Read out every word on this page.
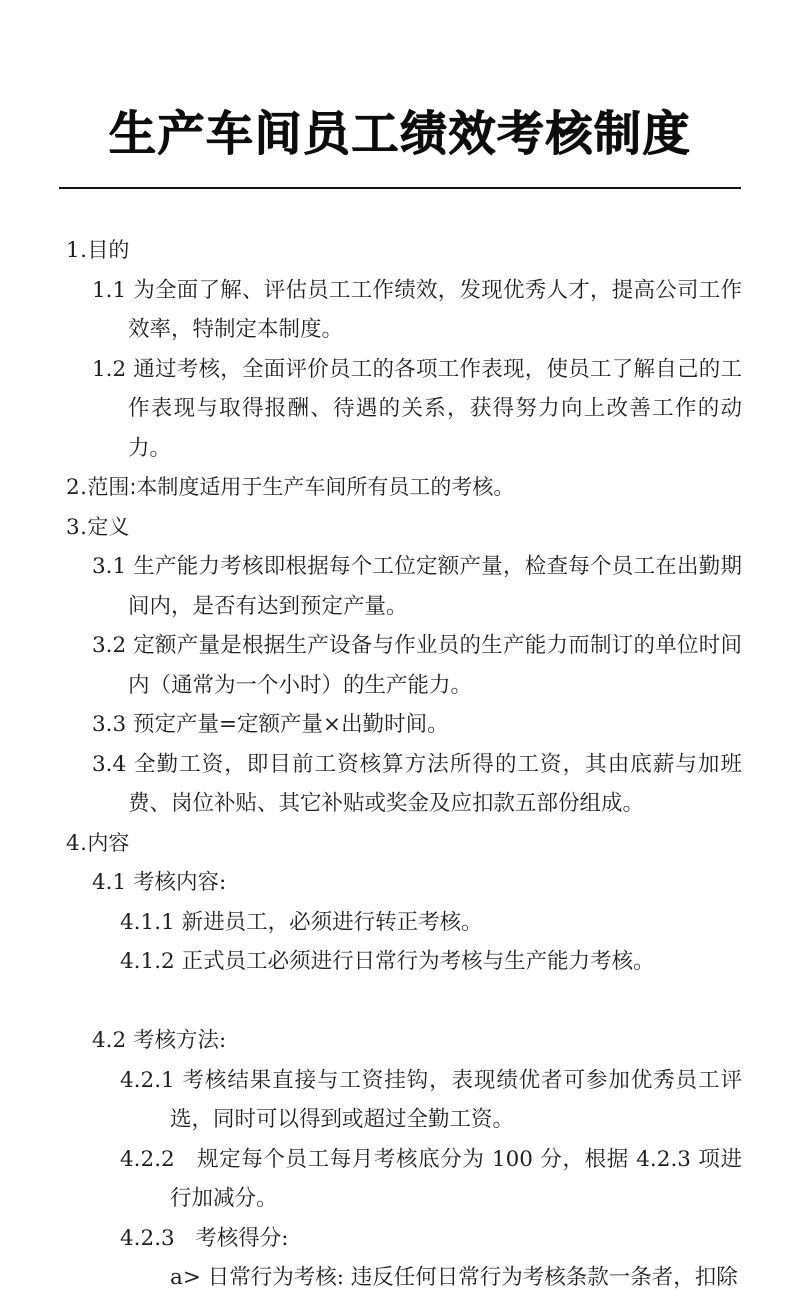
生产车间员工绩效考核制度
1.目的
1.1 为全面了解、评估员工工作绩效，发现优秀人才，提高公司工作效率，特制定本制度。
1.2 通过考核，全面评价员工的各项工作表现，使员工了解自己的工作表现与取得报酬、待遇的关系，获得努力向上改善工作的动力。
2.范围:本制度适用于生产车间所有员工的考核。
3.定义
3.1 生产能力考核即根据每个工位定额产量，检查每个员工在出勤期间内，是否有达到预定产量。
3.2 定额产量是根据生产设备与作业员的生产能力而制订的单位时间内（通常为一个小时）的生产能力。
3.3 预定产量=定额产量×出勤时间。
3.4 全勤工资，即目前工资核算方法所得的工资，其由底薪与加班费、岗位补贴、其它补贴或奖金及应扣款五部份组成。
4.内容
4.1 考核内容:
4.1.1 新进员工，必须进行转正考核。
4.1.2 正式员工必须进行日常行为考核与生产能力考核。
4.2 考核方法:
4.2.1 考核结果直接与工资挂钩，表现绩优者可参加优秀员工评选，同时可以得到或超过全勤工资。
4.2.2   规定每个员工每月考核底分为 100 分，根据 4.2.3 项进行加减分。
4.2.3   考核得分:
a> 日常行为考核: 违反任何日常行为考核条款一条者，扣除
